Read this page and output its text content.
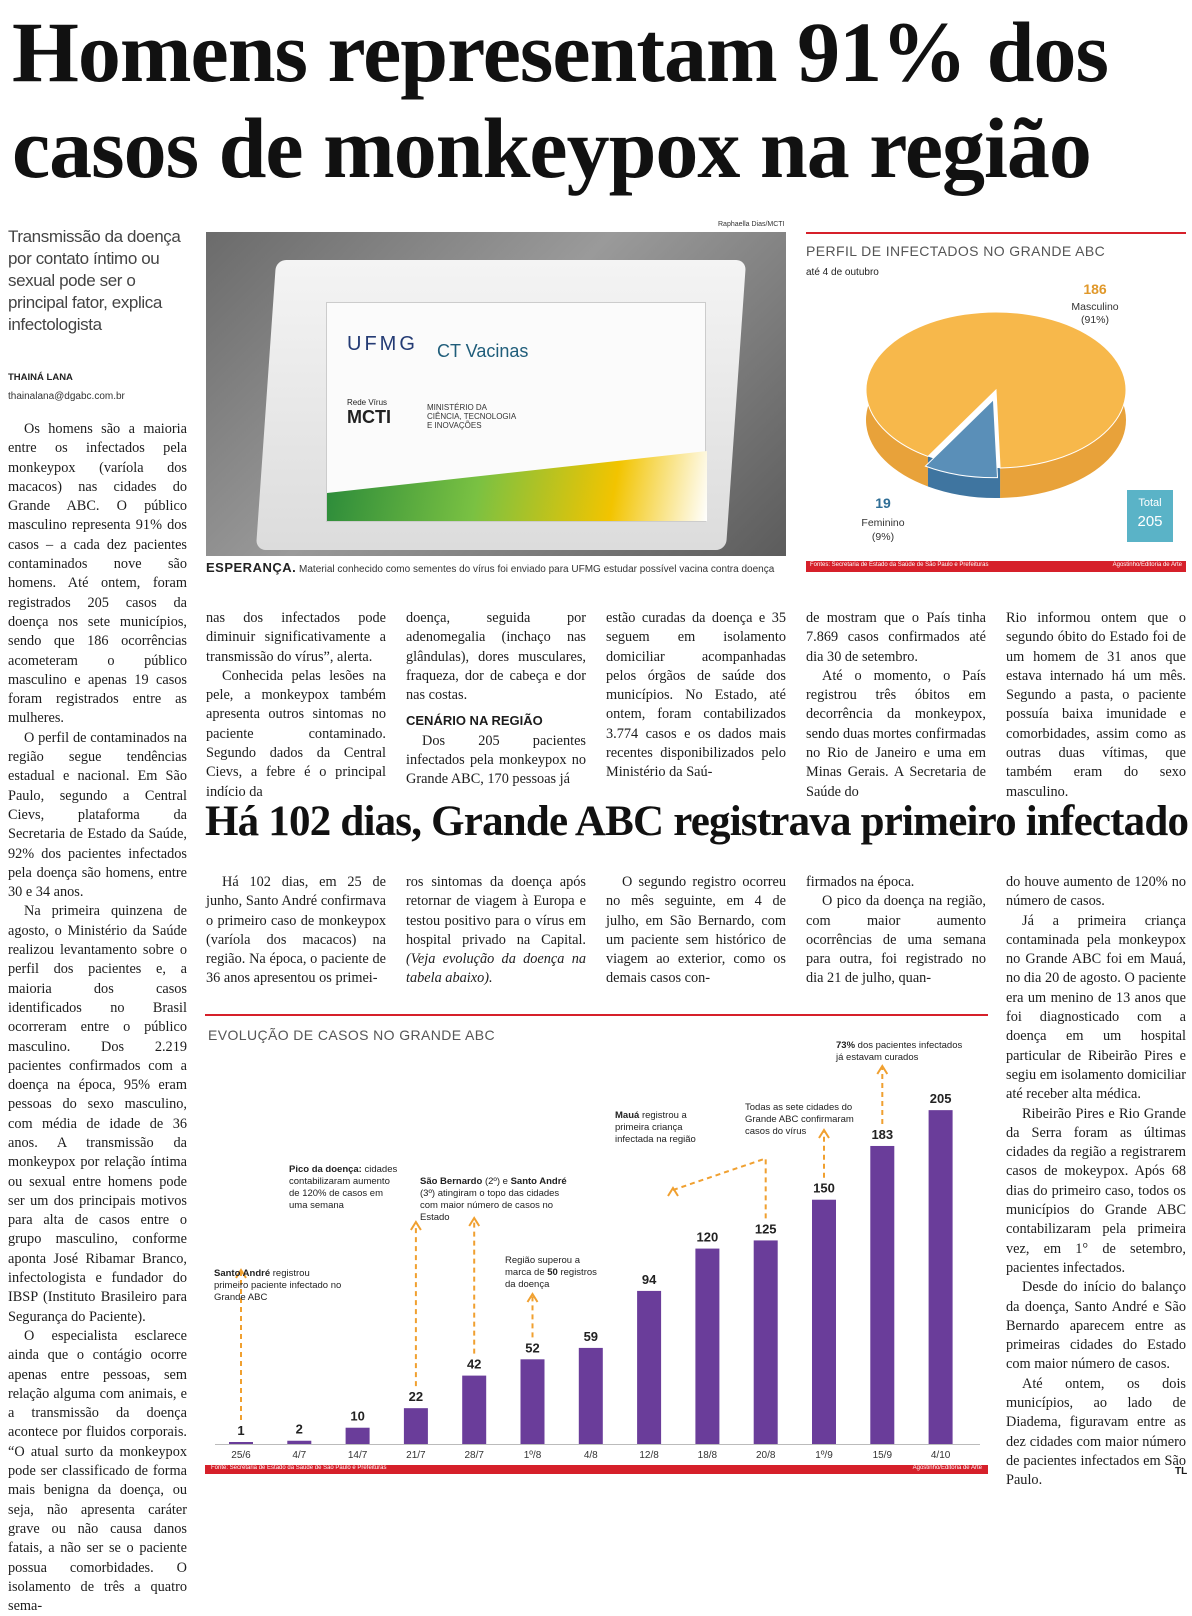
Homens representam 91% dos
casos de monkeypox na região
Transmissão da doença por contato íntimo ou sexual pode ser o principal fator, explica infectologista
THAINÁ LANA
thainalana@dgabc.com.br

Os homens são a maioria entre os infectados pela monkeypox (varíola dos macacos) nas cidades do Grande ABC. O público masculino representa 91% dos casos – a cada dez pacientes contaminados nove são homens. Até ontem, foram registrados 205 casos da doença nos sete municípios, sendo que 186 ocorrências acometeram o público masculino e apenas 19 casos foram registrados entre as mulheres.

O perfil de contaminados na região segue tendências estadual e nacional. Em São Paulo, segundo a Central Cievs, plataforma da Secretaria de Estado da Saúde, 92% dos pacientes infectados pela doença são homens, entre 30 e 34 anos.

Na primeira quinzena de agosto, o Ministério da Saúde realizou levantamento sobre o perfil dos pacientes e, a maioria dos casos identificados no Brasil ocorreram entre o público masculino. Dos 2.219 pacientes confirmados com a doença na época, 95% eram pessoas do sexo masculino, com média de idade de 36 anos. A transmissão da monkeypox por relação íntima ou sexual entre homens pode ser um dos principais motivos para alta de casos entre o grupo masculino, conforme aponta José Ribamar Branco, infectologista e fundador do IBSP (Instituto Brasileiro para Segurança do Paciente).

O especialista esclarece ainda que o contágio ocorre apenas entre pessoas, sem relação alguma com animais, e a transmissão da doença acontece por fluidos corporais. “O atual surto da monkeypox pode ser classificado de forma mais benigna da doença, ou seja, não apresenta caráter grave ou não causa danos fatais, a não ser se o paciente possua comorbidades. O isolamento de três a quatro sema-

Raphaella Dias/MCTI
UFMG CT Vacinas
Rede Vírus
MCTI	MINISTÉRIO DA CIÊNCIA, TECNOLOGIA E INOVAÇÕES
ESPERANÇA. Material conhecido como sementes do vírus foi enviado para UFMG estudar possível vacina contra doença
PERFIL DE INFECTADOS NO GRANDE ABC
até 4 de outubro
186
Masculino
(91%)
19
Feminino
(9%)
Total
205
Fontes: Secretaria de Estado da Saúde de São Paulo e Prefeituras	Agostinho/Editoria de Arte

nas dos infectados pode diminuir significativamente a transmissão do vírus”, alerta.

Conhecida pelas lesões na pele, a monkeypox também apresenta outros sintomas no paciente contaminado. Segundo dados da Central Cievs, a febre é o principal indício da

doença, seguida por adenomegalia (inchaço nas glândulas), dores musculares, fraqueza, dor de cabeça e dor nas costas.

CENÁRIO NA REGIÃO

Dos 205 pacientes infectados pela monkeypox no Grande ABC, 170 pessoas já

estão curadas da doença e 35 seguem em isolamento domiciliar acompanhadas pelos órgãos de saúde dos municípios. No Estado, até ontem, foram contabilizados 3.774 casos e os dados mais recentes disponibilizados pelo Ministério da Saú-

de mostram que o País tinha 7.869 casos confirmados até dia 30 de setembro.

Até o momento, o País registrou três óbitos em decorrência da monkeypox, sendo duas mortes confirmadas no Rio de Janeiro e uma em Minas Gerais. A Secretaria de Saúde do

Rio informou ontem que o segundo óbito do Estado foi de um homem de 31 anos que estava internado há um mês. Segundo a pasta, o paciente possuía baixa imunidade e comorbidades, assim como as outras duas vítimas, que também eram do sexo masculino.

Há 102 dias, Grande ABC registrava primeiro infectado

Há 102 dias, em 25 de junho, Santo André confirmava o primeiro caso de monkeypox (varíola dos macacos) na região. Na época, o paciente de 36 anos apresentou os primei-

ros sintomas da doença após retornar de viagem à Europa e testou positivo para o vírus em hospital privado na Capital. (Veja evolução da doença na tabela abaixo).

O segundo registro ocorreu no mês seguinte, em 4 de julho, em São Bernardo, com um paciente sem histórico de viagem ao exterior, como os demais casos con-

firmados na época.

O pico da doença na região, com maior aumento ocorrências de uma semana para outra, foi registrado no dia 21 de julho, quan-

do houve aumento de 120% no número de casos.

Já a primeira criança contaminada pela monkeypox no Grande ABC foi em Mauá, no dia 20 de agosto. O paciente era um menino de 13 anos que foi diagnosticado com a doença em um hospital particular de Ribeirão Pires e segiu em isolamento domiciliar até receber alta médica.

Ribeirão Pires e Rio Grande da Serra foram as últimas cidades da região a registrarem casos de mokeypox. Após 68 dias do primeiro caso, todos os municípios do Grande ABC contabilizaram pela primeira vez, em 1° de setembro, pacientes infectados.

Desde do início do balanço da doença, Santo André e São Bernardo aparecem entre as primeiras cidades do Estado com maior número de casos.

Até ontem, os dois municípios, ao lado de Diadema, figuravam entre as dez cidades com maior número de pacientes infectados em São Paulo.

EVOLUÇÃO DE CASOS NO GRANDE ABC
1
25/6
2
4/7
10
14/7
22
21/7
42
28/7
52
1º/8
59
4/8
94
12/8
120
18/8
125
20/8
150
1º/9
183
15/9
205
4/10
Santo André registrou primeiro paciente infectado no Grande ABC
Pico da doença: cidades contabilizaram aumento de 120% de casos em uma semana
São Bernardo (2º) e Santo André (3º) atingiram o topo das cidades com maior número de casos no Estado
Região superou a marca de 50 registros da doença
Mauá registrou a primeira criança infectada na região
Todas as sete cidades do Grande ABC confirmaram casos do vírus
73% dos pacientes infectados já estavam curados
Fonte: Secretaria de Estado da Saúde de São Paulo e Prefeituras	Agostinho/Editoria de Arte	TL
